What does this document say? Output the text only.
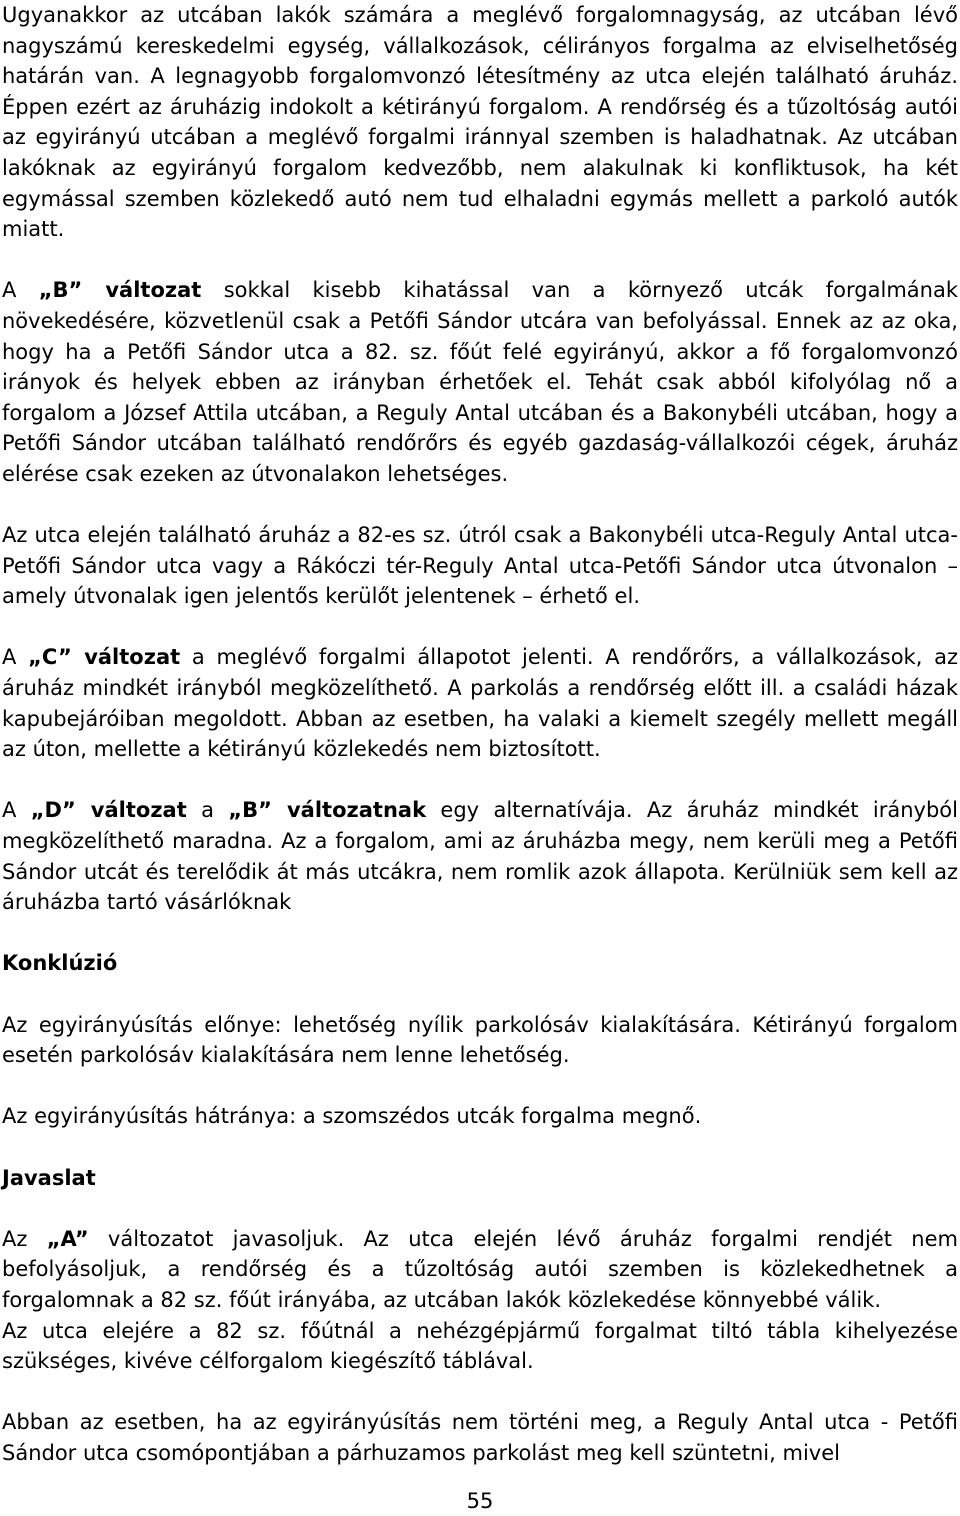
Ugyanakkor az utcában lakók számára a meglévő forgalomnagyság, az utcában lévő nagyszámú kereskedelmi egység, vállalkozások, célirányos forgalma az elviselhetőség határán van. A legnagyobb forgalomvonzó létesítmény az utca elején található áruház. Éppen ezért az áruházig indokolt a kétirányú forgalom. A rendőrség és a tűzoltóság autói az egyirányú utcában a meglévő forgalmi iránnyal szemben is haladhatnak. Az utcában lakóknak az egyirányú forgalom kedvezőbb, nem alakulnak ki konfliktusok, ha két egymással szemben közlekedő autó nem tud elhaladni egymás mellett a parkoló autók miatt.

A „B” változat sokkal kisebb kihatással van a környező utcák forgalmának növekedésére, közvetlenül csak a Petőfi Sándor utcára van befolyással. Ennek az az oka, hogy ha a Petőfi Sándor utca a 82. sz. főút felé egyirányú, akkor a fő forgalomvonzó irányok és helyek ebben az irányban érhetőek el. Tehát csak abból kifolyólag nő a forgalom a József Attila utcában, a Reguly Antal utcában és a Bakonybéli utcában, hogy a Petőfi Sándor utcában található rendőrőrs és egyéb gazdaság-vállalkozói cégek, áruház elérése csak ezeken az útvonalakon lehetséges.

Az utca elején található áruház a 82-es sz. útról csak a Bakonybéli utca-Reguly Antal utca-Petőfi Sándor utca vagy a Rákóczi tér-Reguly Antal utca-Petőfi Sándor utca útvonalon – amely útvonalak igen jelentős kerülőt jelentenek – érhető el.

A „C” változat a meglévő forgalmi állapotot jelenti. A rendőrőrs, a vállalkozások, az áruház mindkét irányból megközelíthető. A parkolás a rendőrség előtt ill. a családi házak kapubejáróiban megoldott. Abban az esetben, ha valaki a kiemelt szegély mellett megáll az úton, mellette a kétirányú közlekedés nem biztosított.

A „D” változat a „B” változatnak egy alternatívája. Az áruház mindkét irányból megközelíthető maradna. Az a forgalom, ami az áruházba megy, nem kerüli meg a Petőfi Sándor utcát és terelődik át más utcákra, nem romlik azok állapota. Kerülniük sem kell az áruházba tartó vásárlóknak

Konklúzió

Az egyirányúsítás előnye: lehetőség nyílik parkolósáv kialakítására. Kétirányú forgalom esetén parkolósáv kialakítására nem lenne lehetőség.

Az egyirányúsítás hátránya: a szomszédos utcák forgalma megnő.

Javaslat

Az „A” változatot javasoljuk. Az utca elején lévő áruház forgalmi rendjét nem befolyásoljuk, a rendőrség és a tűzoltóság autói szemben is közlekedhetnek a forgalomnak a 82 sz. főút irányába, az utcában lakók közlekedése könnyebbé válik.

Az utca elejére a 82 sz. főútnál a nehézgépjármű forgalmat tiltó tábla kihelyezése szükséges, kivéve célforgalom kiegészítő táblával.

Abban az esetben, ha az egyirányúsítás nem történi meg, a Reguly Antal utca - Petőfi Sándor utca csomópontjában a párhuzamos parkolást meg kell szüntetni, mivel

55
